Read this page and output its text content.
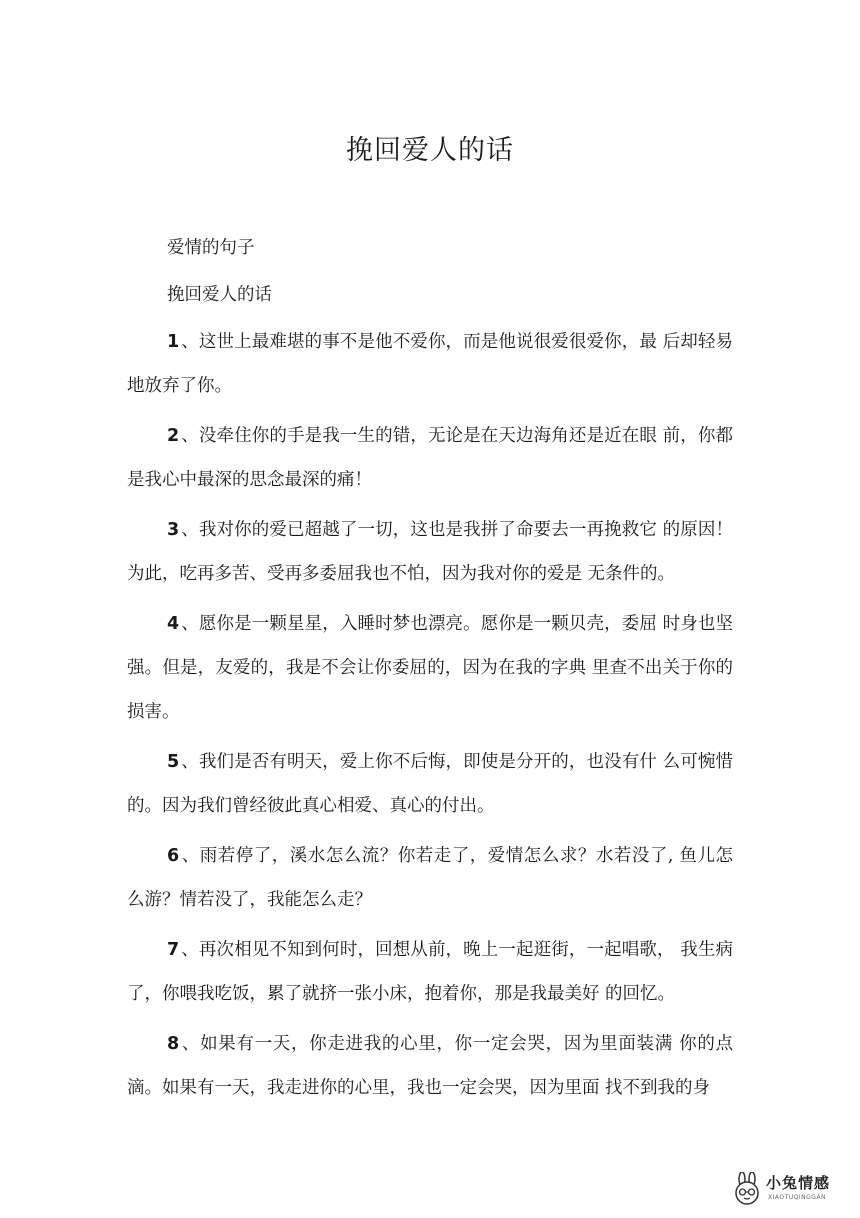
挽回爱人的话

爱情的句子

挽回爱人的话

1 、这世上最难堪的事不是他不爱你，而是他说很爱很爱你，最 后却轻易地放弃了你。

2 、没牵住你的手是我一生的错，无论是在天边海角还是近在眼 前，你都是我心中最深的思念最深的痛！

3 、我对你的爱已超越了一切，这也是我拼了命要去一再挽救它 的原因！为此，吃再多苦、受再多委屈我也不怕，因为我对你的爱是 无条件的。

4 、愿你是一颗星星，入睡时梦也漂亮。愿你是一颗贝壳，委屈 时身也坚强。但是，友爱的，我是不会让你委屈的，因为在我的字典 里查不出关于你的损害。

5 、我们是否有明天，爱上你不后悔，即使是分开的，也没有什 么可惋惜的。因为我们曾经彼此真心相爱、真心的付出。

6 、雨若停了，溪水怎么流？你若走了，爱情怎么求？水若没了, 鱼儿怎么游？情若没了，我能怎么走？

7 、再次相见不知到何时，回想从前，晚上一起逛街，一起唱歌， 我生病了，你喂我吃饭，累了就挤一张小床，抱着你，那是我最美好 的回忆。

8 、如果有一天，你走进我的心里，你一定会哭，因为里面装满 你的点滴。如果有一天，我走进你的心里，我也一定会哭，因为里面 找不到我的身

小兔情感
XIAOTUQINGGAN
